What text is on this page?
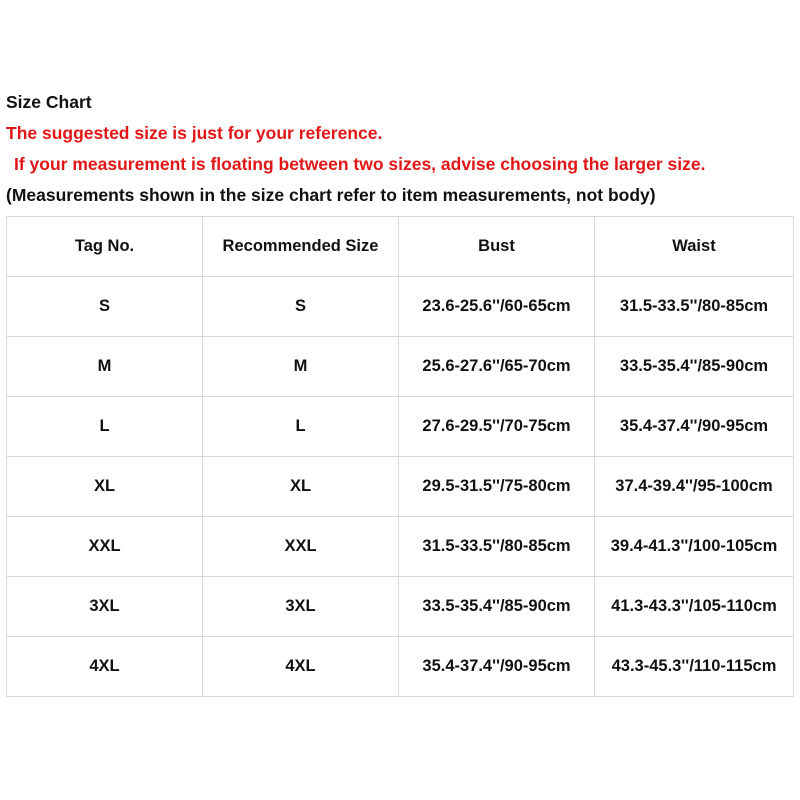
Size Chart
The suggested size is just for your reference.
If your measurement is floating between two sizes, advise choosing the larger size.
(Measurements shown in the size chart refer to item measurements, not body)
Tag No.	Recommended Size	Bust	Waist
S	S	23.6-25.6''/60-65cm	31.5-33.5''/80-85cm
M	M	25.6-27.6''/65-70cm	33.5-35.4''/85-90cm
L	L	27.6-29.5''/70-75cm	35.4-37.4''/90-95cm
XL	XL	29.5-31.5''/75-80cm	37.4-39.4''/95-100cm
XXL	XXL	31.5-33.5''/80-85cm	39.4-41.3''/100-105cm
3XL	3XL	33.5-35.4''/85-90cm	41.3-43.3''/105-110cm
4XL	4XL	35.4-37.4''/90-95cm	43.3-45.3''/110-115cm
